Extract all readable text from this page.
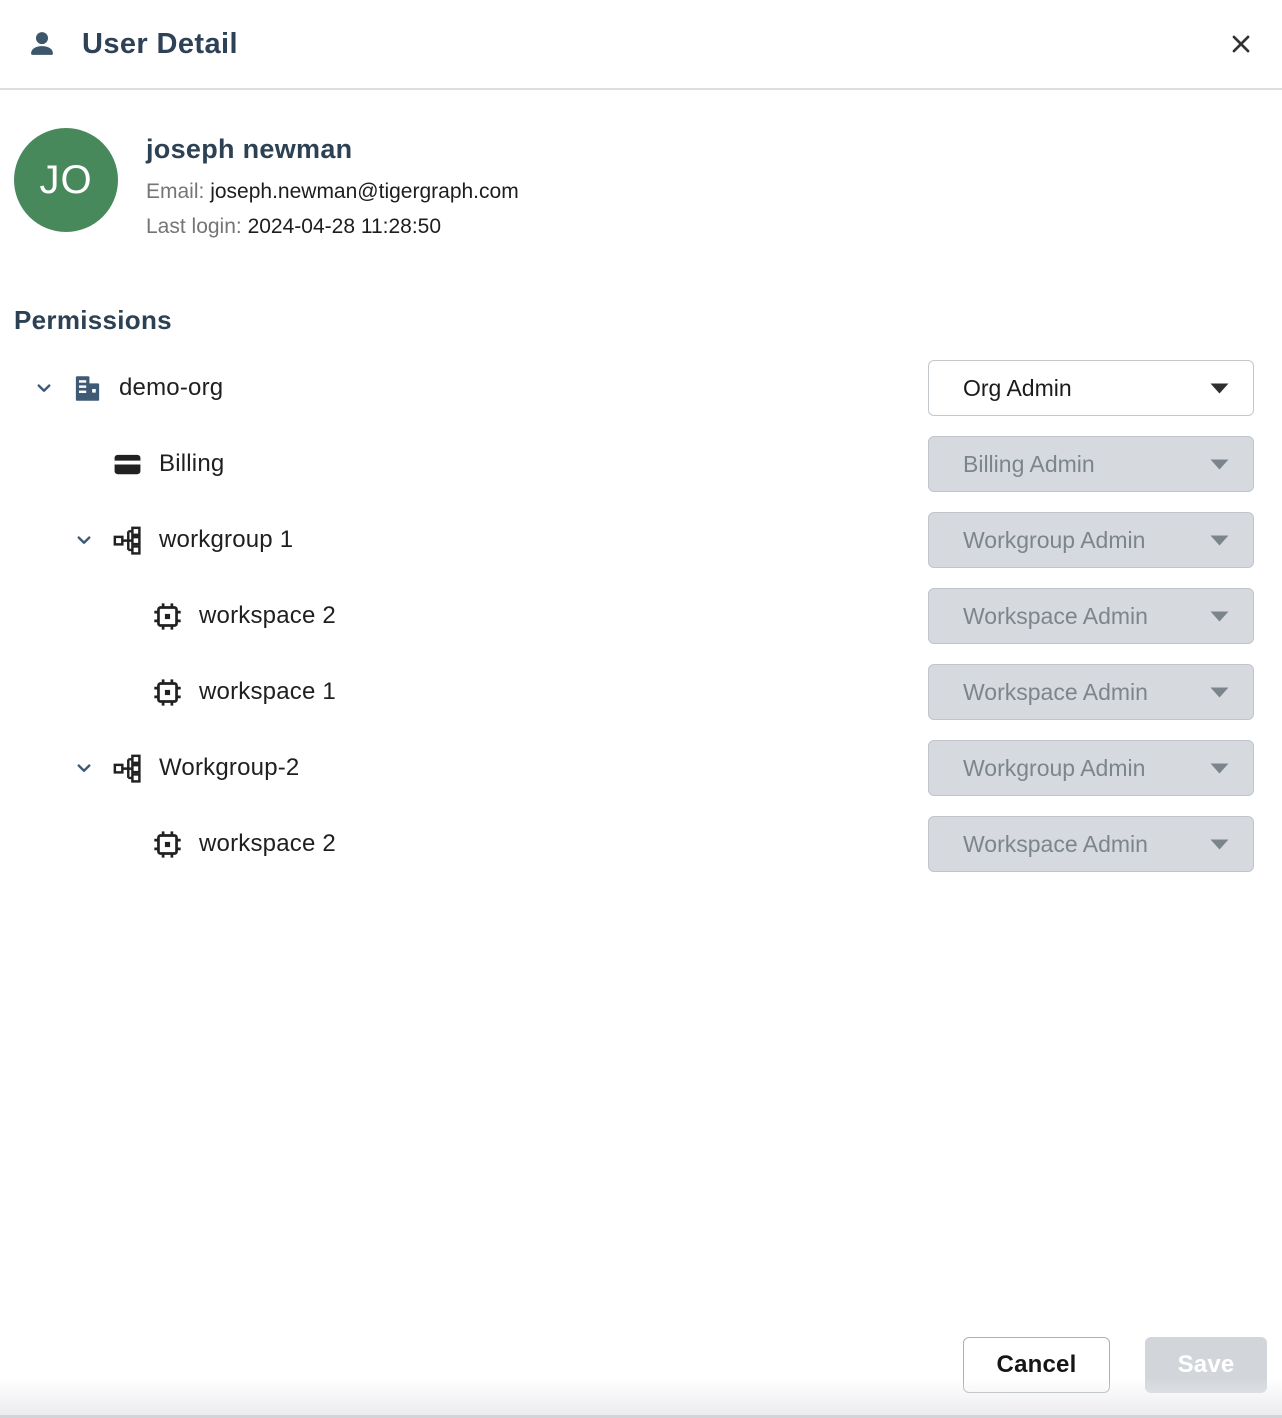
User Detail
JO
joseph newman
Email: joseph.newman@tigergraph.com
Last login: 2024-04-28 11:28:50
Permissions
demo-org	Org Admin
Billing	Billing Admin
workgroup 1	Workgroup Admin
workspace 2	Workspace Admin
workspace 1	Workspace Admin
Workgroup-2	Workgroup Admin
workspace 2	Workspace Admin
Cancel	Save
